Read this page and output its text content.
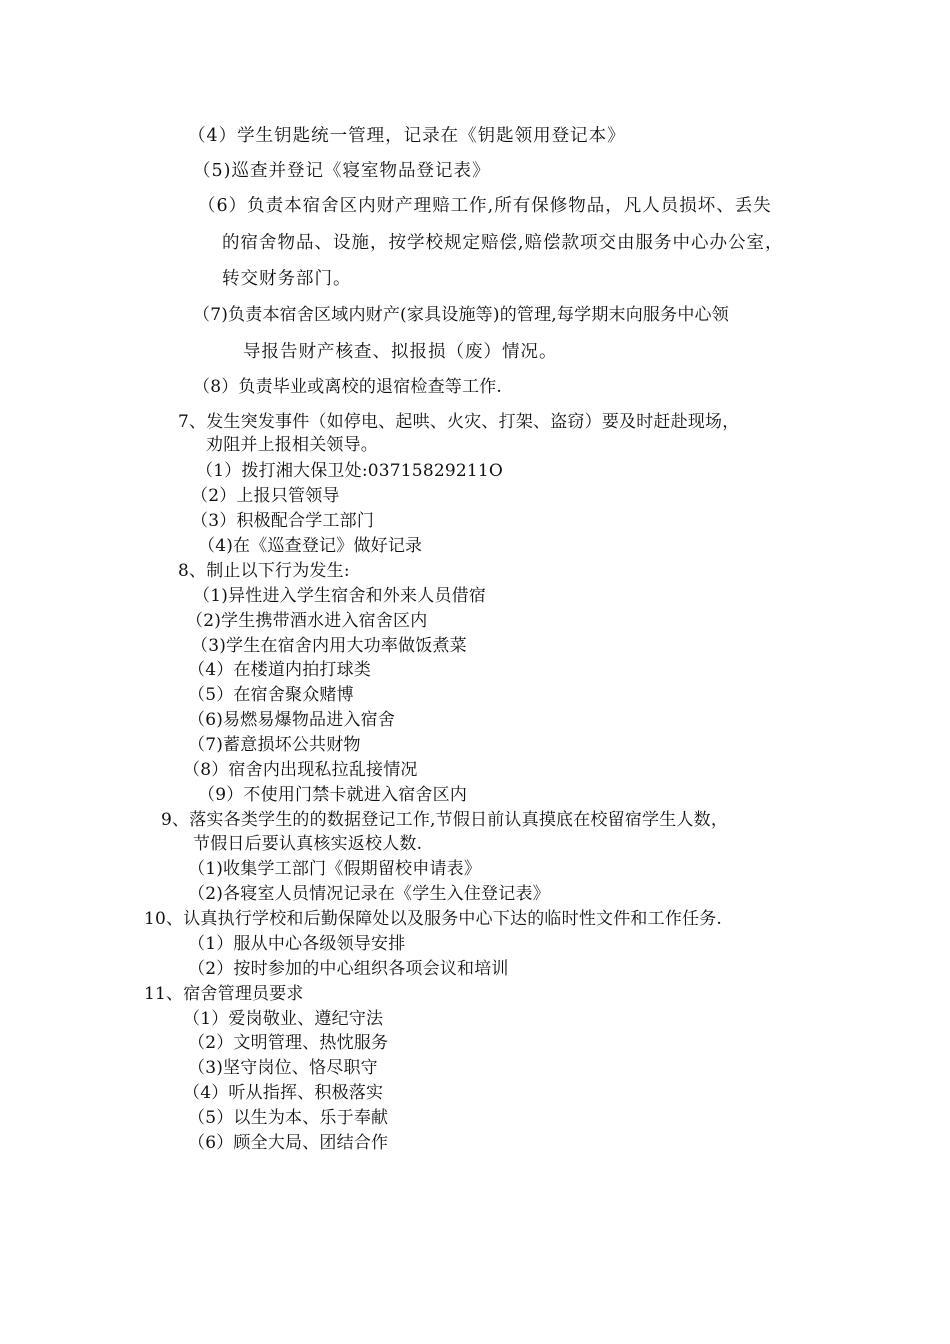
（4）学生钥匙统一管理，记录在《钥匙领用登记本》
（5)巡查并登记《寝室物品登记表》
（6）负责本宿舍区内财产理赔工作,所有保修物品，凡人员损坏、丢失
的宿舍物品、设施，按学校规定赔偿,赔偿款项交由服务中心办公室，
转交财务部门。
（7)负责本宿舍区域内财产(家具设施等)的管理,每学期末向服务中心领
导报告财产核查、拟报损（废）情况。
（8）负责毕业或离校的退宿检查等工作.
7、发生突发事件（如停电、起哄、火灾、打架、盗窃）要及时赶赴现场，
劝阻并上报相关领导。
（1）拨打湘大保卫处:03715829211O
（2）上报只管领导
（3）积极配合学工部门
（4)在《巡查登记》做好记录
8、制止以下行为发生:
（1)异性进入学生宿舍和外来人员借宿
（2)学生携带酒水进入宿舍区内
（3)学生在宿舍内用大功率做饭煮菜
（4）在楼道内拍打球类
（5）在宿舍聚众赌博
（6)易燃易爆物品进入宿舍
（7)蓄意损坏公共财物
（8）宿舍内出现私拉乱接情况
（9）不使用门禁卡就进入宿舍区内
9、落实各类学生的的数据登记工作,节假日前认真摸底在校留宿学生人数，
节假日后要认真核实返校人数.
（1)收集学工部门《假期留校申请表》
（2)各寝室人员情况记录在《学生入住登记表》
10、认真执行学校和后勤保障处以及服务中心下达的临时性文件和工作任务.
（1）服从中心各级领导安排
（2）按时参加的中心组织各项会议和培训
11、宿舍管理员要求
（1）爱岗敬业、遵纪守法
（2）文明管理、热忱服务
（3)坚守岗位、恪尽职守
（4）听从指挥、积极落实
（5）以生为本、乐于奉献
（6）顾全大局、团结合作
